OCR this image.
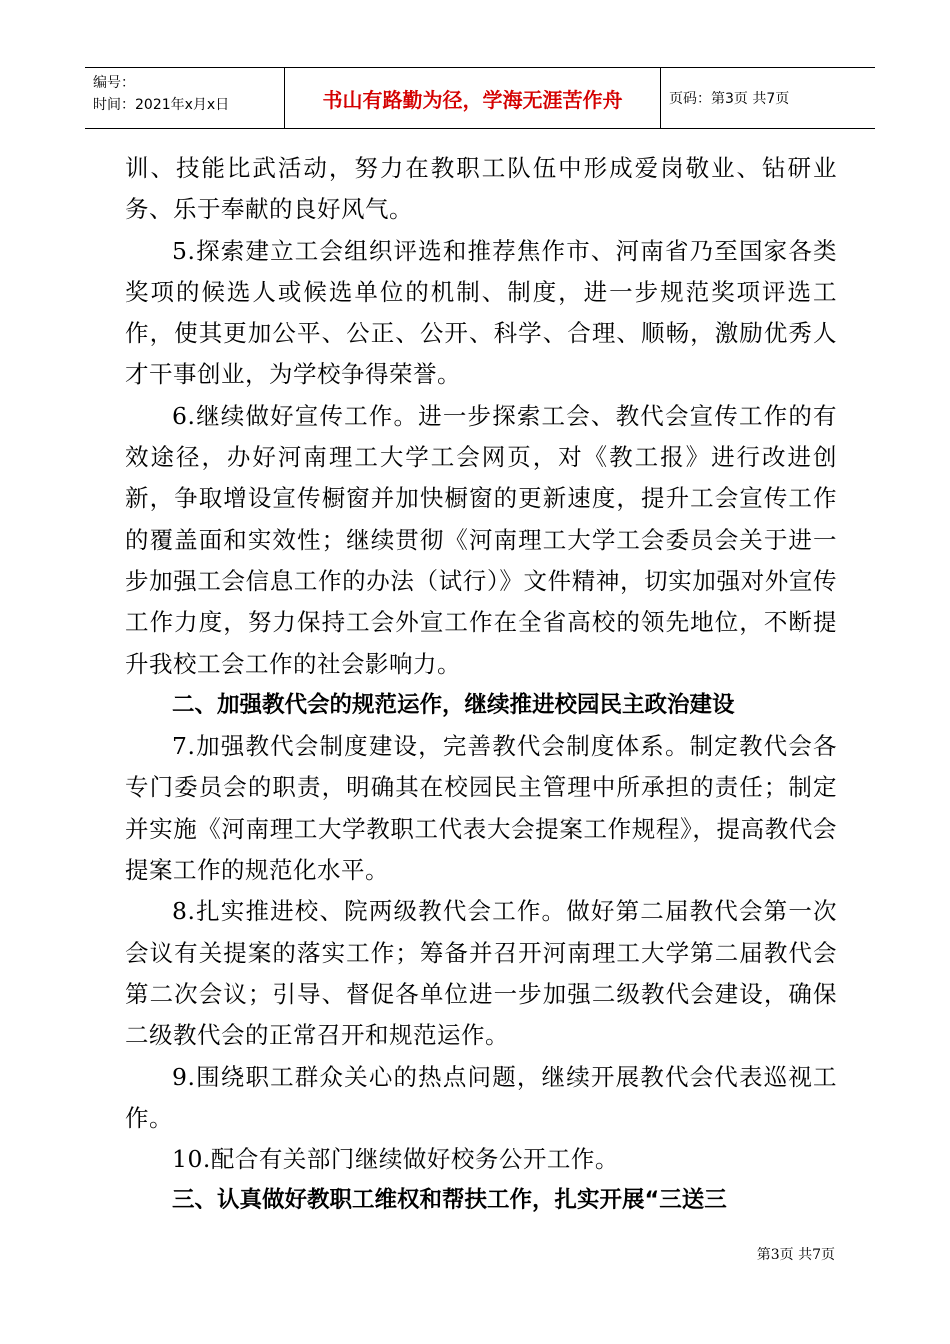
编号：
时间：2021年x月x日	书山有路勤为径，学海无涯苦作舟	页码：第3页 共7页

训、技能比武活动，努力在教职工队伍中形成爱岗敬业、钻研业务、乐于奉献的良好风气。

5.探索建立工会组织评选和推荐焦作市、河南省乃至国家各类奖项的候选人或候选单位的机制、制度，进一步规范奖项评选工作，使其更加公平、公正、公开、科学、合理、顺畅，激励优秀人才干事创业，为学校争得荣誉。

6.继续做好宣传工作。进一步探索工会、教代会宣传工作的有效途径，办好河南理工大学工会网页，对《教工报》进行改进创新，争取增设宣传橱窗并加快橱窗的更新速度，提升工会宣传工作的覆盖面和实效性；继续贯彻《河南理工大学工会委员会关于进一步加强工会信息工作的办法（试行）》文件精神，切实加强对外宣传工作力度，努力保持工会外宣工作在全省高校的领先地位，不断提升我校工会工作的社会影响力。

二、加强教代会的规范运作，继续推进校园民主政治建设

7.加强教代会制度建设，完善教代会制度体系。制定教代会各专门委员会的职责，明确其在校园民主管理中所承担的责任；制定并实施《河南理工大学教职工代表大会提案工作规程》，提高教代会提案工作的规范化水平。

8.扎实推进校、院两级教代会工作。做好第二届教代会第一次会议有关提案的落实工作；筹备并召开河南理工大学第二届教代会第二次会议；引导、督促各单位进一步加强二级教代会建设，确保二级教代会的正常召开和规范运作。

9.围绕职工群众关心的热点问题，继续开展教代会代表巡视工作。

10.配合有关部门继续做好校务公开工作。

三、认真做好教职工维权和帮扶工作，扎实开展“三送三

第3页 共7页
